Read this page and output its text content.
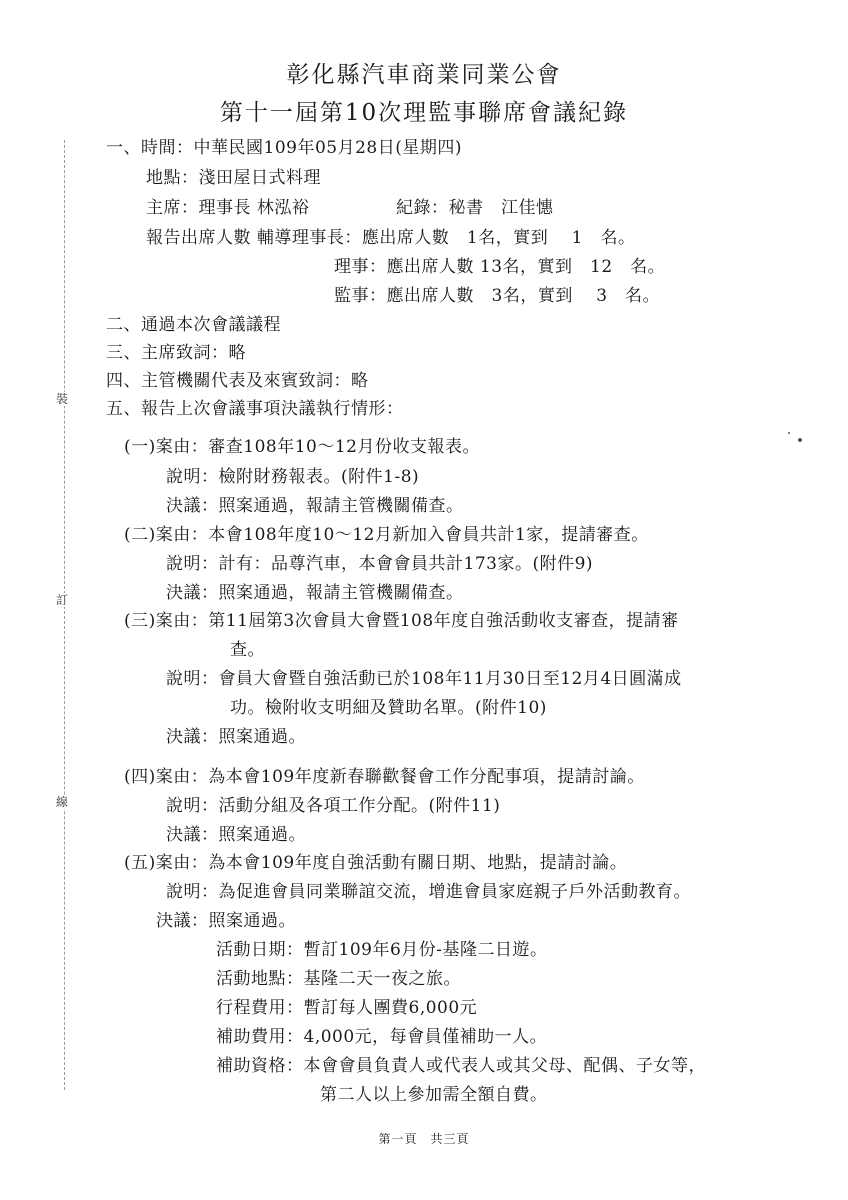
彰化縣汽車商業同業公會
第十一屆第10次理監事聯席會議紀錄
裝
訂
線
一、時間：中華民國109年05月28日(星期四)
地點：淺田屋日式料理
主席：理事長 林泓裕	紀錄：秘書　江佳憓
報告出席人數 輔導理事長：應出席人數　1名，實到　 1　名。
理事：應出席人數 13名，實到　12　名。
監事：應出席人數　3名，實到　 3　名。
二、通過本次會議議程
三、主席致詞：略
四、主管機關代表及來賓致詞：略
五、報告上次會議事項決議執行情形：
(一)案由：審查108年10～12月份收支報表。
說明：檢附財務報表。(附件1-8)
決議：照案通過，報請主管機關備查。
(二)案由：本會108年度10～12月新加入會員共計1家，提請審查。
說明：計有：品尊汽車，本會會員共計173家。(附件9)
決議：照案通過，報請主管機關備查。
(三)案由：第11屆第3次會員大會暨108年度自強活動收支審查，提請審
查。
說明：會員大會暨自強活動已於108年11月30日至12月4日圓滿成
功。檢附收支明細及贊助名單。(附件10)
決議：照案通過。
(四)案由：為本會109年度新春聯歡餐會工作分配事項，提請討論。
說明：活動分組及各項工作分配。(附件11)
決議：照案通過。
(五)案由：為本會109年度自強活動有關日期、地點，提請討論。
說明：為促進會員同業聯誼交流，增進會員家庭親子戶外活動教育。
決議：照案通過。
活動日期：暫訂109年6月份-基隆二日遊。
活動地點：基隆二天一夜之旅。
行程費用：暫訂每人團費6,000元
補助費用：4,000元，每會員僅補助一人。
補助資格：本會會員負責人或代表人或其父母、配偶、子女等，
第二人以上參加需全額自費。
第一頁　共三頁
